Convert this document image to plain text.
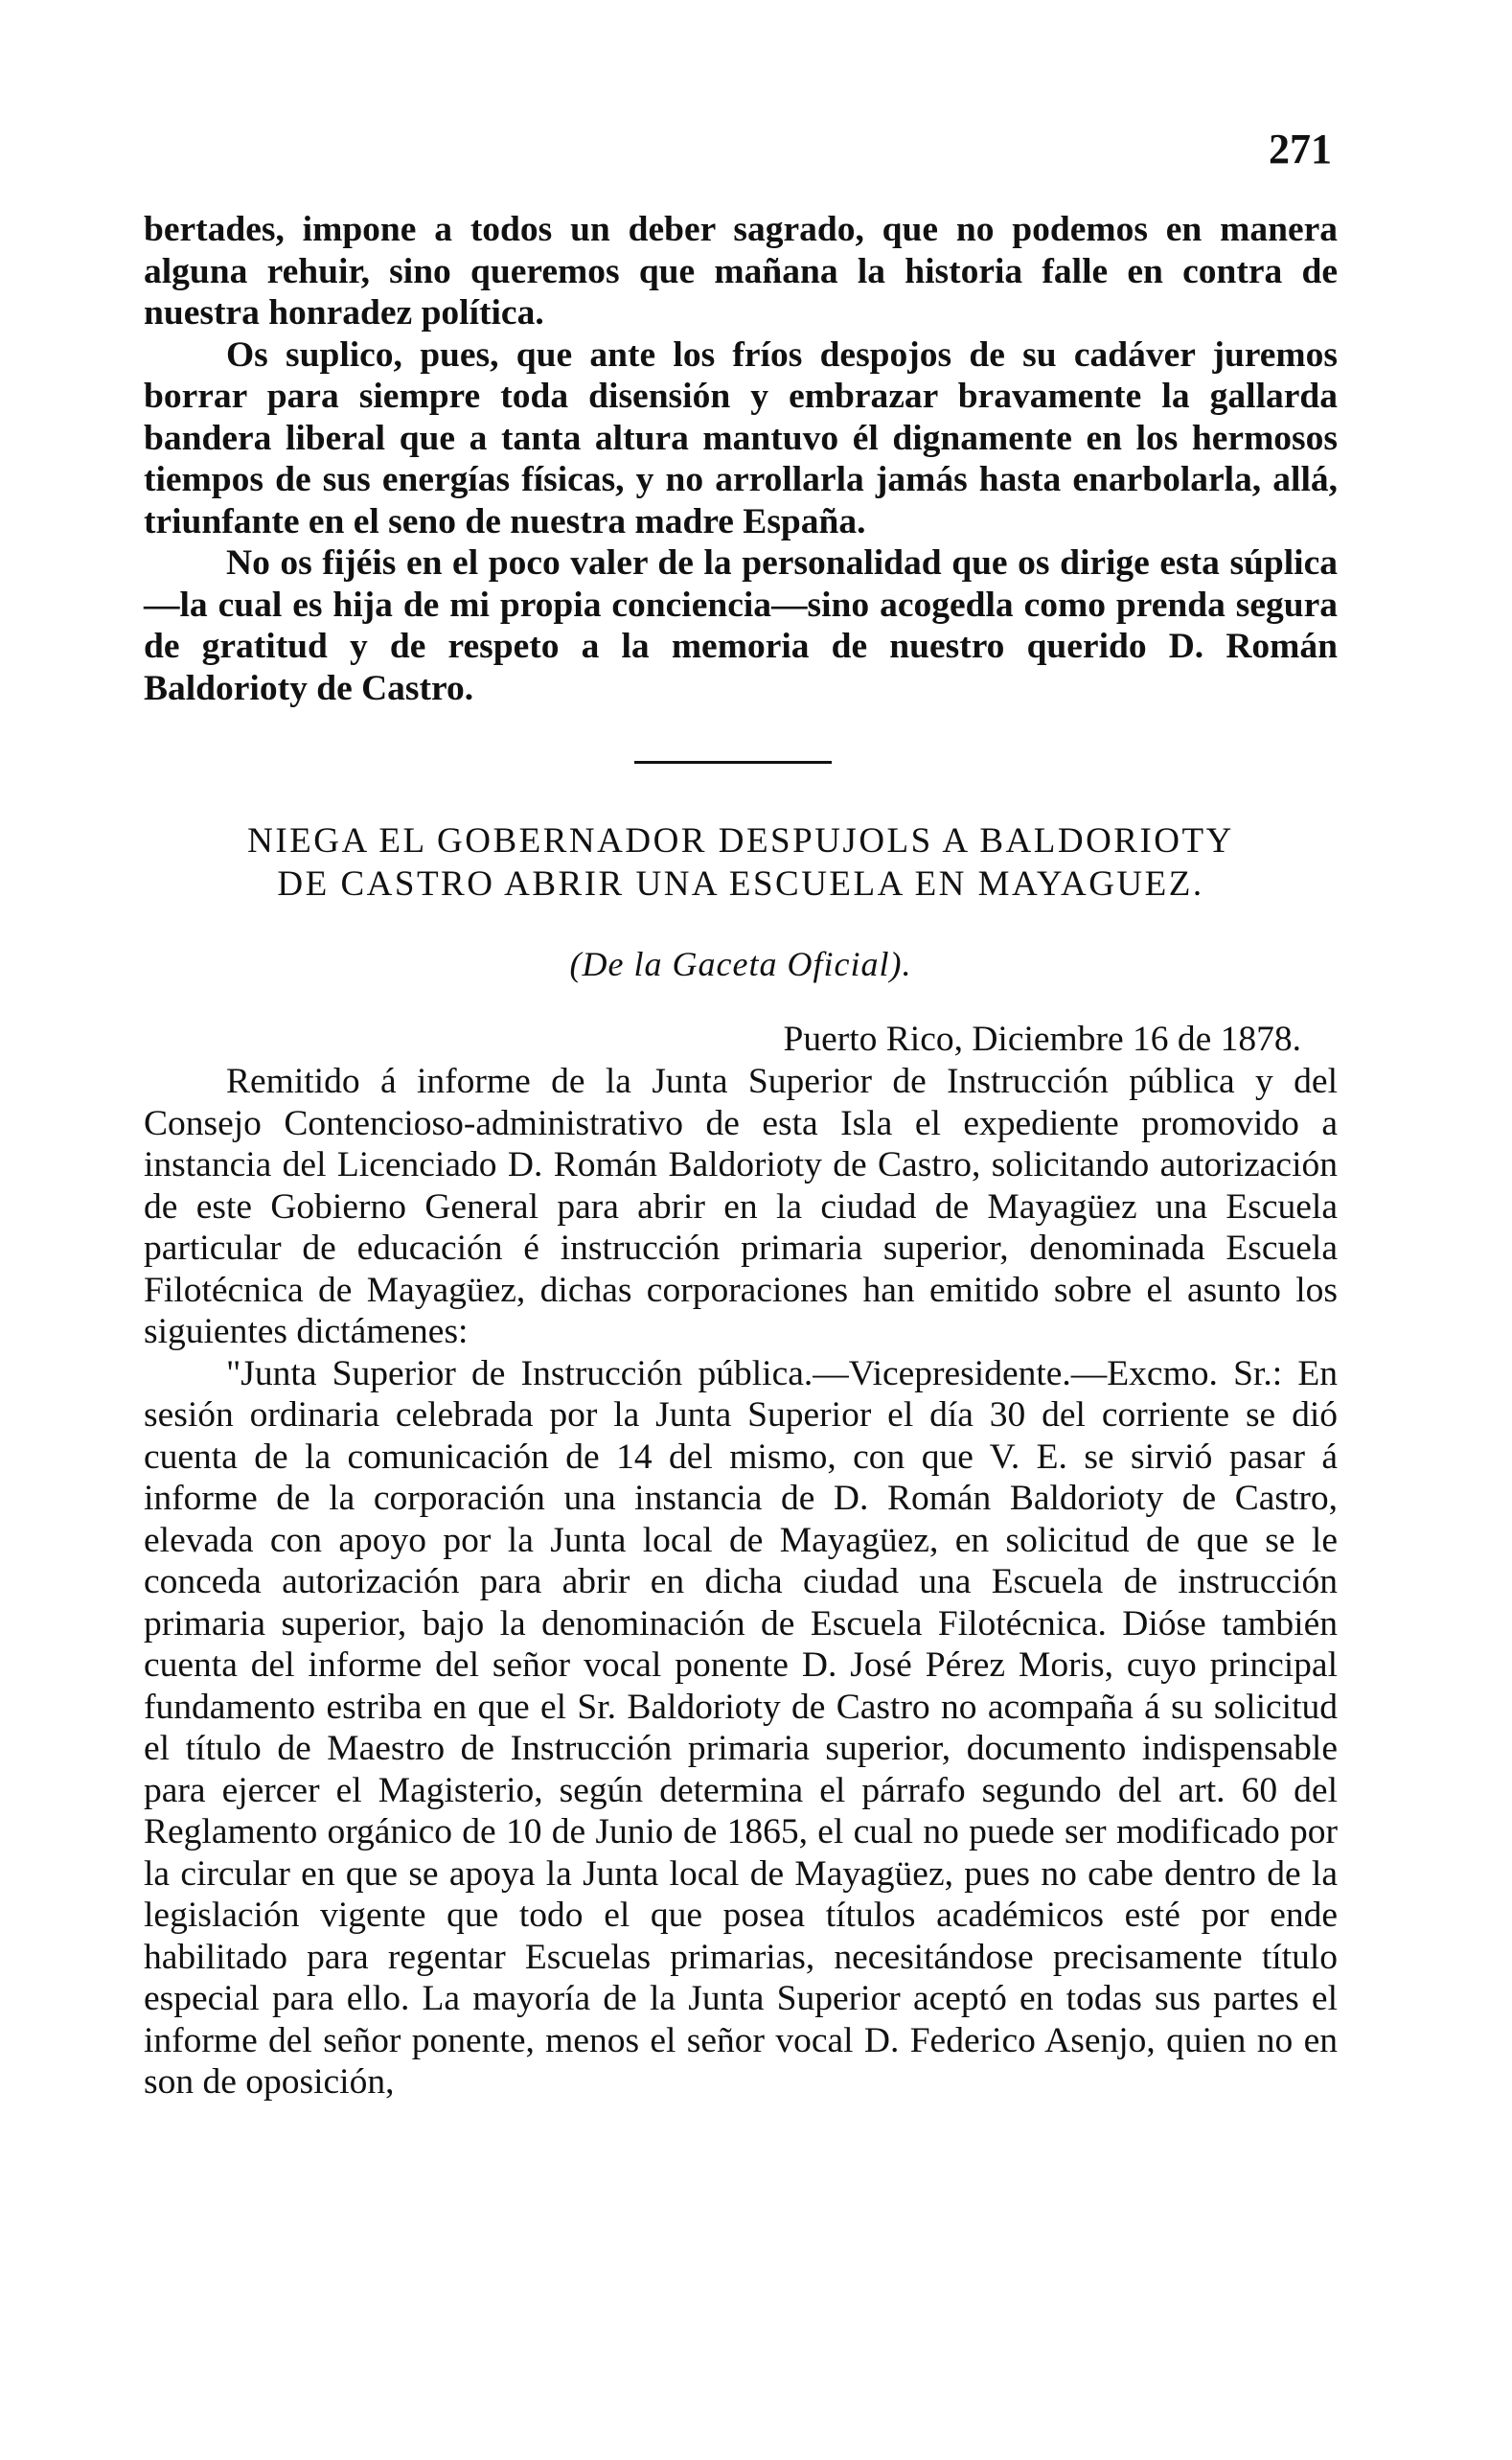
271

bertades, impone a todos un deber sagrado, que no podemos en manera alguna rehuir, sino queremos que mañana la historia falle en contra de nuestra honradez política.

Os suplico, pues, que ante los fríos despojos de su cadáver juremos borrar para siempre toda disensión y embrazar bravamente la gallarda bandera liberal que a tanta altura mantuvo él dignamente en los hermosos tiempos de sus energías físicas, y no arrollarla jamás hasta enarbolarla, allá, triunfante en el seno de nuestra madre España.

No os fijéis en el poco valer de la personalidad que os dirige esta súplica—la cual es hija de mi propia conciencia—sino acogedla como prenda segura de gratitud y de respeto a la memoria de nuestro querido D. Román Baldorioty de Castro.

NIEGA EL GOBERNADOR DESPUJOLS A BALDORIOTY
DE CASTRO ABRIR UNA ESCUELA EN MAYAGUEZ.
(De la Gaceta Oficial).
Puerto Rico, Diciembre 16 de 1878.

Remitido á informe de la Junta Superior de Instrucción pública y del Consejo Contencioso-administrativo de esta Isla el expediente promovido a instancia del Licenciado D. Román Baldorioty de Castro, solicitando autorización de este Gobierno General para abrir en la ciudad de Mayagüez una Escuela particular de educación é instrucción primaria superior, denominada Escuela Filotécnica de Mayagüez, dichas corporaciones han emitido sobre el asunto los siguientes dictámenes:

"Junta Superior de Instrucción pública.—Vicepresidente.—Excmo. Sr.: En sesión ordinaria celebrada por la Junta Superior el día 30 del corriente se dió cuenta de la comunicación de 14 del mismo, con que V. E. se sirvió pasar á informe de la corporación una instancia de D. Román Baldorioty de Castro, elevada con apoyo por la Junta local de Mayagüez, en solicitud de que se le conceda autorización para abrir en dicha ciudad una Escuela de instrucción primaria superior, bajo la denominación de Escuela Filotécnica. Dióse también cuenta del informe del señor vocal ponente D. José Pérez Moris, cuyo principal fundamento estriba en que el Sr. Baldorioty de Castro no acompaña á su solicitud el título de Maestro de Instrucción primaria superior, documento indispensable para ejercer el Magisterio, según determina el párrafo segundo del art. 60 del Reglamento orgánico de 10 de Junio de 1865, el cual no puede ser modificado por la circular en que se apoya la Junta local de Mayagüez, pues no cabe dentro de la legislación vigente que todo el que posea títulos académicos esté por ende habilitado para regentar Escuelas primarias, necesitándose precisamente título especial para ello. La mayoría de la Junta Superior aceptó en todas sus partes el informe del señor ponente, menos el señor vocal D. Federico Asenjo, quien no en son de oposición,
